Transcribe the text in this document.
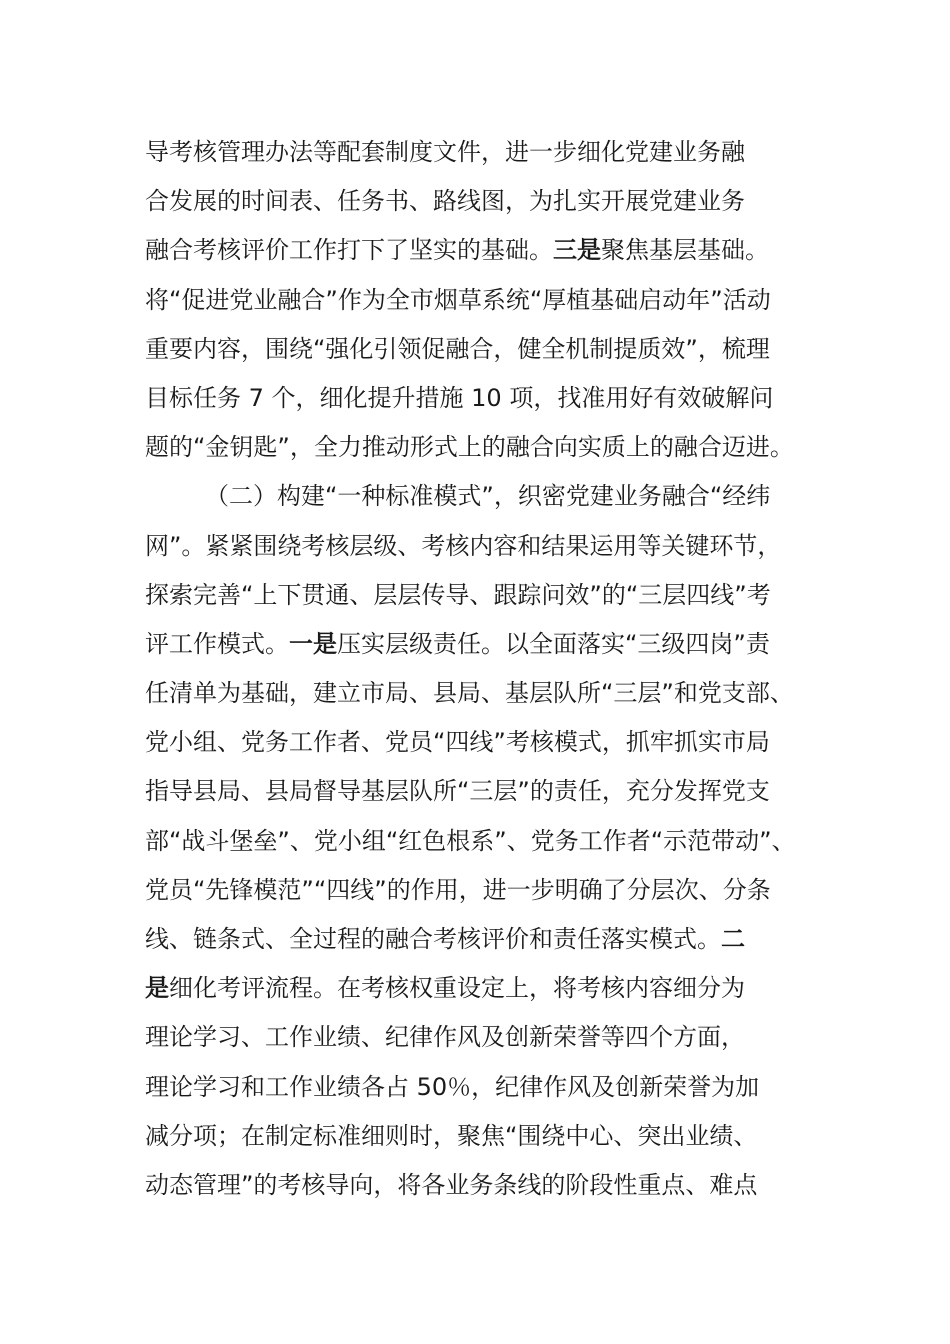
导考核管理办法等配套制度文件，进一步细化党建业务融
合发展的时间表、任务书、路线图，为扎实开展党建业务
融合考核评价工作打下了坚实的基础。三是聚焦基层基础。
将“促进党业融合”作为全市烟草系统“厚植基础启动年”活动
重要内容，围绕“强化引领促融合，健全机制提质效”，梳理
目标任务 7 个，细化提升措施 10 项，找准用好有效破解问
题的“金钥匙”，全力推动形式上的融合向实质上的融合迈进。
（二）构建“一种标准模式”，织密党建业务融合“经纬
网”。紧紧围绕考核层级、考核内容和结果运用等关键环节，
探索完善“上下贯通、层层传导、跟踪问效”的“三层四线”考
评工作模式。一是压实层级责任。以全面落实“三级四岗”责
任清单为基础，建立市局、县局、基层队所“三层”和党支部、
党小组、党务工作者、党员“四线”考核模式，抓牢抓实市局
指导县局、县局督导基层队所“三层”的责任，充分发挥党支
部“战斗堡垒”、党小组“红色根系”、党务工作者“示范带动”、
党员“先锋模范”“四线”的作用，进一步明确了分层次、分条
线、链条式、全过程的融合考核评价和责任落实模式。二
是细化考评流程。在考核权重设定上，将考核内容细分为
理论学习、工作业绩、纪律作风及创新荣誉等四个方面，
理论学习和工作业绩各占 50％，纪律作风及创新荣誉为加
减分项；在制定标准细则时，聚焦“围绕中心、突出业绩、
动态管理”的考核导向，将各业务条线的阶段性重点、难点
